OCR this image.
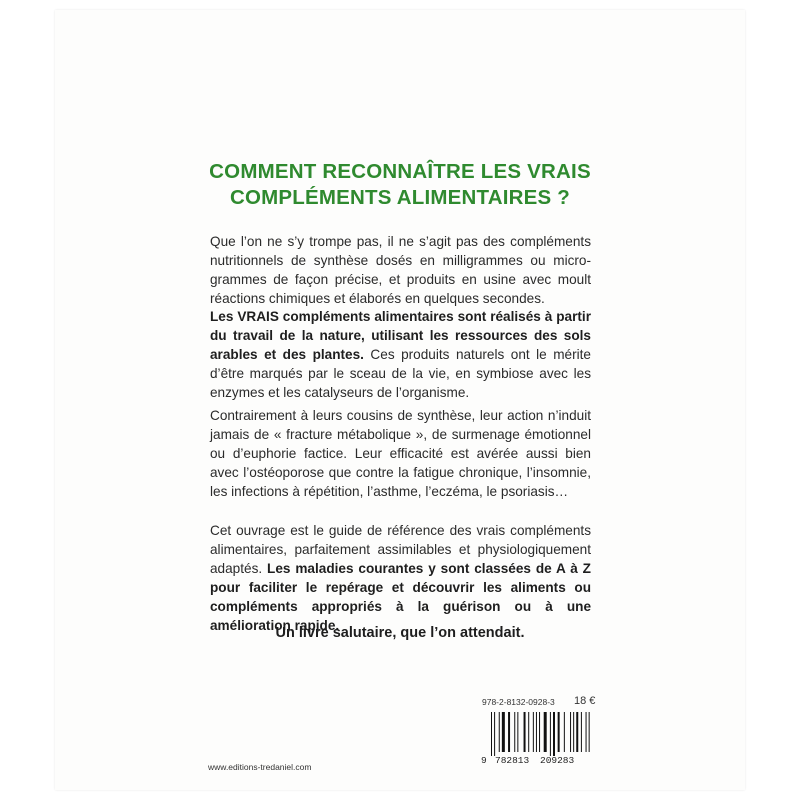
COMMENT RECONNAÎTRE LES VRAIS
COMPLÉMENTS ALIMENTAIRES ?

Que l’on ne s’y trompe pas, il ne s’agit pas des compléments nutritionnels de synthèse dosés en milligrammes ou micro-grammes de façon précise, et produits en usine avec moult réactions chimiques et élaborés en quelques secondes.

Les VRAIS compléments alimentaires sont réalisés à partir du travail de la nature, utilisant les ressources des sols arables et des plantes. Ces produits naturels ont le mérite d’être marqués par le sceau de la vie, en symbiose avec les enzymes et les catalyseurs de l’organisme.

Contrairement à leurs cousins de synthèse, leur action n’induit jamais de « fracture métabolique », de surmenage émotionnel ou d’euphorie factice. Leur efficacité est avérée aussi bien avec l’ostéoporose que contre la fatigue chronique, l’insomnie, les infections à répétition, l’asthme, l’eczéma, le psoriasis…

Cet ouvrage est le guide de référence des vrais compléments alimentaires, parfaitement assimilables et physiologiquement adaptés. Les maladies courantes y sont classées de A à Z pour faciliter le repérage et découvrir les aliments ou compléments appropriés à la guérison ou à une amélioration rapide.

Un livre salutaire, que l’on attendait.
978-2-8132-0928-3 18 €
9 782813 209283
www.editions-tredaniel.com
